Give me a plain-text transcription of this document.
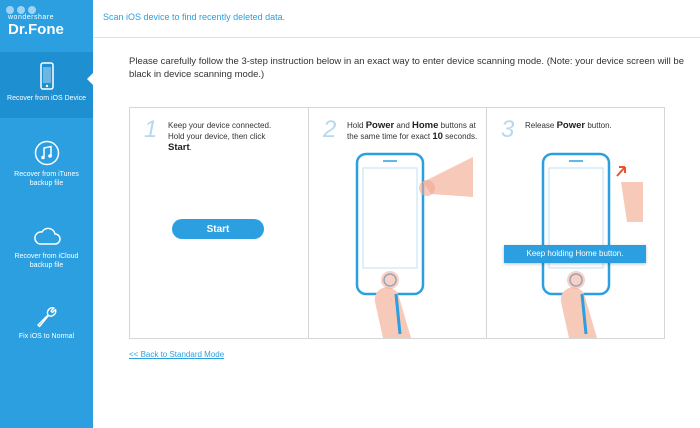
wondershare
Dr.Fone
Recover from iOS Device
Recover from iTunes backup file
Recover from iCloud backup file
Fix iOS to Normal
Scan iOS device to find recently deleted data.
Please carefully follow the 3-step instruction below in an exact way to enter device scanning mode. (Note: your device screen will be black in device scanning mode.)
1 Keep your device connected.
Hold your device, then click
Start.
Start
2 Hold Power and Home buttons at the same time for exact 10 seconds. 3 Release Power button.
Keep holding Home button.
<< Back to Standard Mode
